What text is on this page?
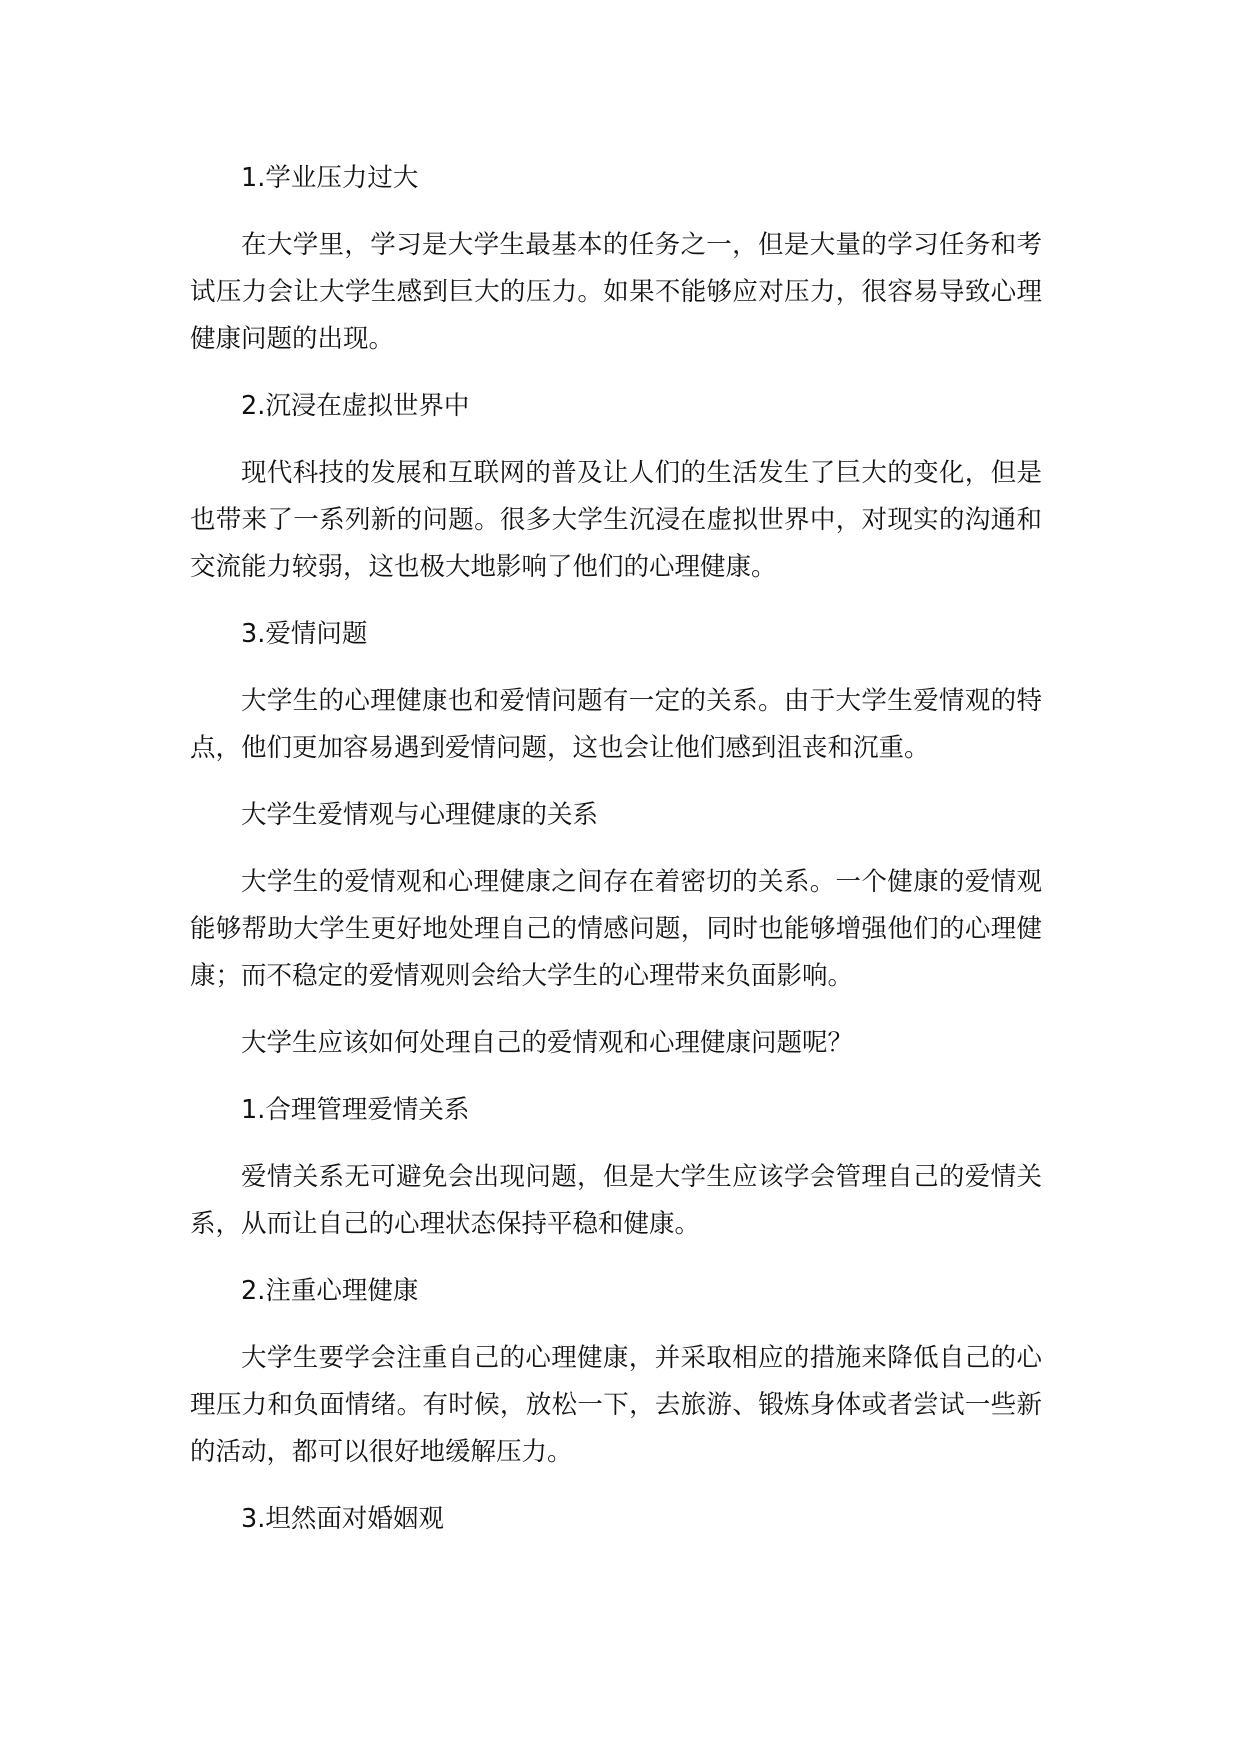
1.学业压力过大

在大学里，学习是大学生最基本的任务之一，但是大量的学习任务和考试压力会让大学生感到巨大的压力。如果不能够应对压力，很容易导致心理健康问题的出现。

2.沉浸在虚拟世界中

现代科技的发展和互联网的普及让人们的生活发生了巨大的变化，但是也带来了一系列新的问题。很多大学生沉浸在虚拟世界中，对现实的沟通和交流能力较弱，这也极大地影响了他们的心理健康。

3.爱情问题

大学生的心理健康也和爱情问题有一定的关系。由于大学生爱情观的特点，他们更加容易遇到爱情问题，这也会让他们感到沮丧和沉重。

大学生爱情观与心理健康的关系

大学生的爱情观和心理健康之间存在着密切的关系。一个健康的爱情观能够帮助大学生更好地处理自己的情感问题，同时也能够增强他们的心理健康；而不稳定的爱情观则会给大学生的心理带来负面影响。

大学生应该如何处理自己的爱情观和心理健康问题呢？

1.合理管理爱情关系

爱情关系无可避免会出现问题，但是大学生应该学会管理自己的爱情关系，从而让自己的心理状态保持平稳和健康。

2.注重心理健康

大学生要学会注重自己的心理健康，并采取相应的措施来降低自己的心理压力和负面情绪。有时候，放松一下，去旅游、锻炼身体或者尝试一些新的活动，都可以很好地缓解压力。

3.坦然面对婚姻观
